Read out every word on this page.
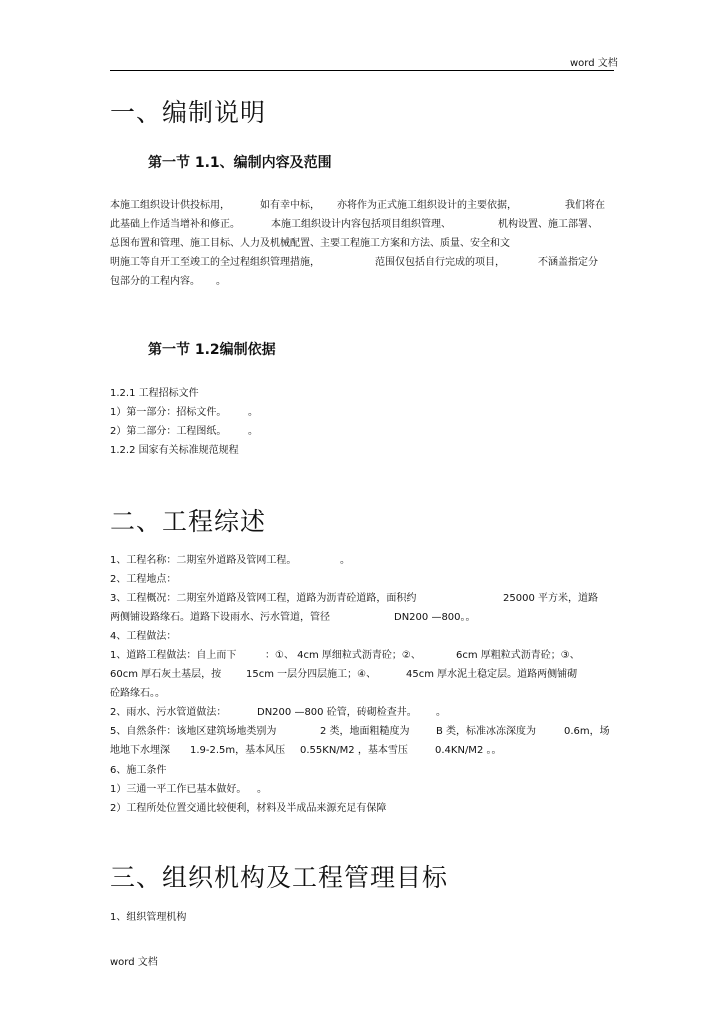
word 文档
一、编制说明
第一节 1.1、编制内容及范围
本施工组织设计供投标用，	如有幸中标， 亦将作为正式施工组织设计的主要依据，	我们将在
此基础上作适当增补和修正。	本施工组织设计内容包括项目组织管理、	机构设置、施工部署、
总图布置和管理、施工目标、人力及机械配置、主要工程施工方案和方法、质量、安全和文
明施工等自开工至竣工的全过程组织管理措施，	范围仅包括自行完成的项目，	不涵盖指定分
包部分的工程内容。 。
第一节 1.2编制依据
1.2.1 工程招标文件
1）第一部分：招标文件。 。
2）第二部分：工程图纸。 。
1.2.2 国家有关标准规范规程
二、工程综述
1、工程名称：二期室外道路及管网工程。	。
2、工程地点：
3、工程概况：二期室外道路及管网工程，道路为沥青砼道路，面积约	25000 平方米，道路
两侧铺设路缘石。道路下设雨水、污水管道，管径	DN200 —800。。
4、工程做法：
1、道路工程做法：自上而下	：①、 4cm 厚细粒式沥青砼；②、	6cm 厚粗粒式沥青砼；③、
60cm 厚石灰土基层，按 15cm 一层分四层施工；④、	45cm 厚水泥土稳定层。道路两侧铺砌
砼路缘石。。
2、雨水、污水管道做法：	DN200 —800 砼管，砖砌检查井。 。
5、自然条件：该地区建筑场地类别为	2 类，地面粗糙度为	B 类，标准冰冻深度为	0.6m，场
地地下水埋深 1.9-2.5m，基本风压 0.55KN/M2 ，基本雪压	0.4KN/M2 。。
6、施工条件
1）三通一平工作已基本做好。 。
2）工程所处位置交通比较便利，材料及半成品来源充足有保障
三、组织机构及工程管理目标
1、组织管理机构
word 文档
